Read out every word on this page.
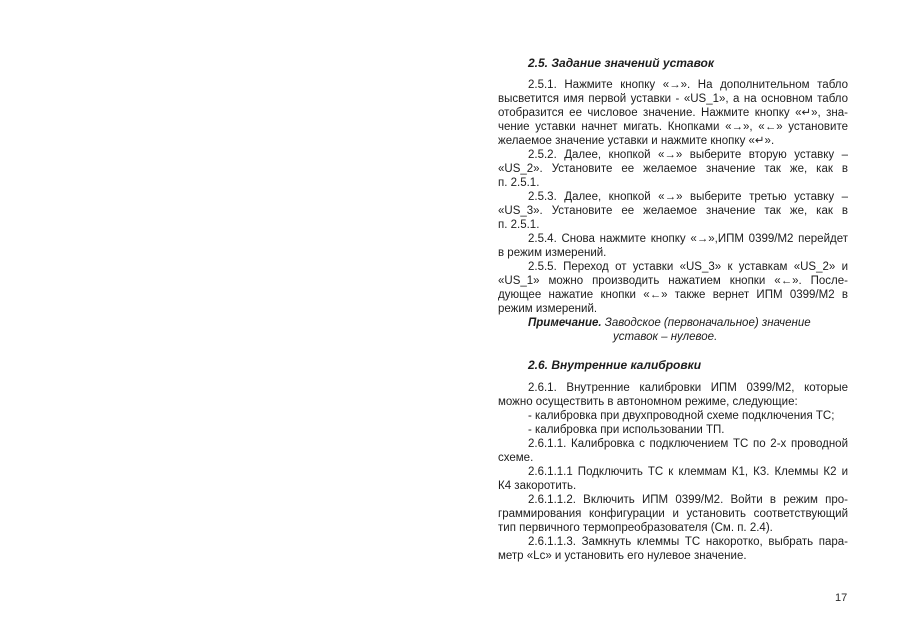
2.5. Задание значений уставок
2.5.1. Нажмите кнопку «→». На дополнительном табло
высветится имя первой уставки - «US_1», а на основном табло
отобразится ее числовое значение. Нажмите кнопку «↵», зна-
чение уставки начнет мигать. Кнопками «→», «←» установите
желаемое значение уставки и нажмите кнопку «↵».
2.5.2. Далее, кнопкой «→» выберите вторую уставку –
«US_2». Установите ее желаемое значение так же, как в
п. 2.5.1.
2.5.3. Далее, кнопкой «→» выберите третью уставку –
«US_3». Установите ее желаемое значение так же, как в
п. 2.5.1.
2.5.4. Снова нажмите кнопку «→»,ИПМ 0399/М2 перейдет
в режим измерений.
2.5.5. Переход от уставки «US_3» к уставкам «US_2» и
«US_1» можно производить нажатием кнопки «←». После-
дующее нажатие кнопки «←» также вернет ИПМ 0399/М2 в
режим измерений.
Примечание. Заводское (первоначальное) значение
уставок – нулевое.
2.6. Внутренние калибровки
2.6.1. Внутренние калибровки ИПМ 0399/М2, которые
можно осуществить в автономном режиме, следующие:
- калибровка при двухпроводной схеме подключения ТС;
- калибровка при использовании ТП.
2.6.1.1. Калибровка с подключением ТС по 2-х проводной
схеме.
2.6.1.1.1 Подключить ТС к клеммам К1, К3. Клеммы К2 и
К4 закоротить.
2.6.1.1.2. Включить ИПМ 0399/М2. Войти в режим про-
граммирования конфигурации и установить соответствующий
тип первичного термопреобразователя (См. п. 2.4).
2.6.1.1.3. Замкнуть клеммы ТС накоротко, выбрать пара-
метр «Lc» и установить его нулевое значение.
17
